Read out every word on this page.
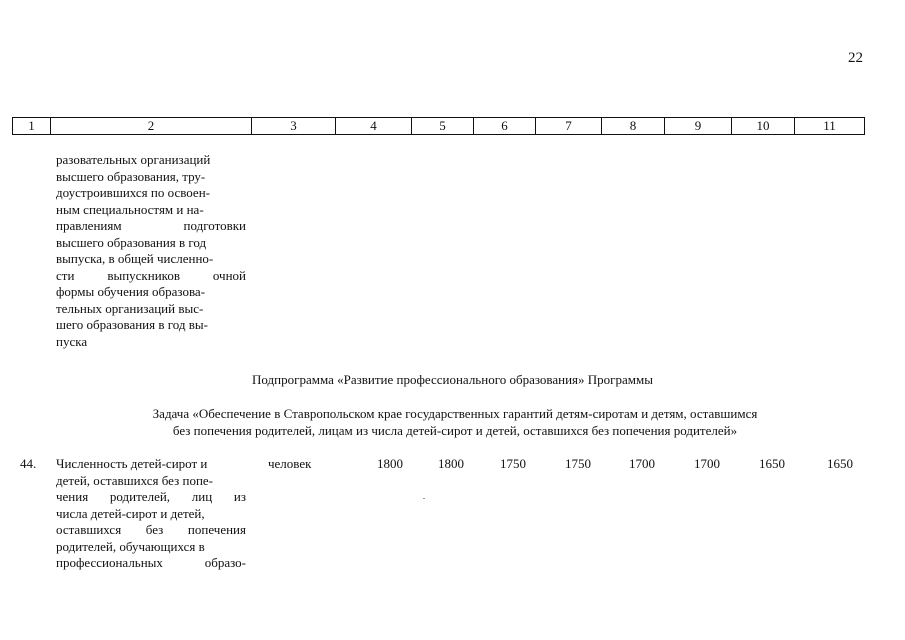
22
1	2	3	4	5	6	7	8	9	10	11
разовательных организаций
высшего образования, тру-
доустроившихся по освоен-
ным специальностям и на-
правлениям подготовки
высшего образования в год
выпуска, в общей численно-
сти выпускников очной
формы обучения образова-
тельных организаций выс-
шего образования в год вы-
пуска
Подпрограмма «Развитие профессионального образования» Программы
Задача «Обеспечение в Ставропольском крае государственных гарантий детям-сиротам и детям, оставшимся
без попечения родителей, лицам из числа детей-сирот и детей, оставшихся без попечения родителей»
44. Численность детей-сирот и
детей, оставшихся без попе-
чения родителей, лиц из
числа детей-сирот и детей,
оставшихся без попечения
родителей, обучающихся в
профессиональных образо-
человек	1800	1800	1750	1750	1700	1700	1650	1650
